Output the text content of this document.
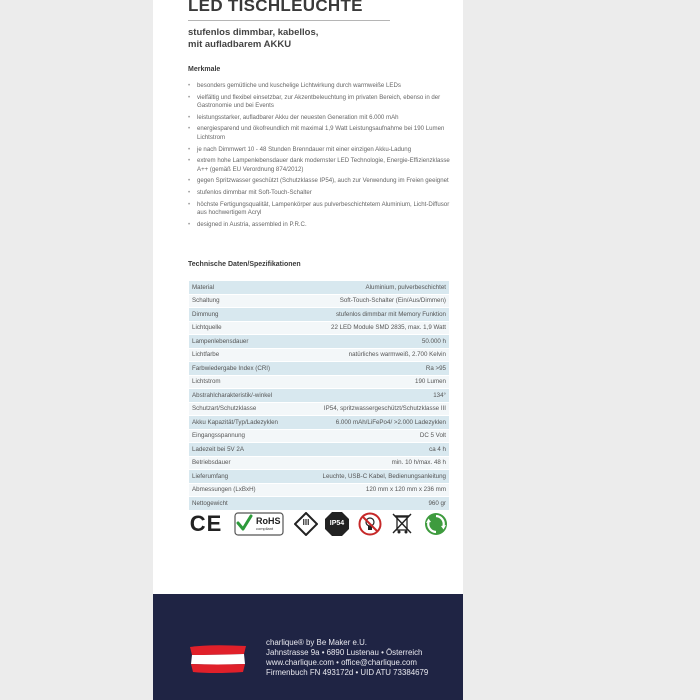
LED TISCHLEUCHTE
stufenlos dimmbar, kabellos,
mit aufladbarem AKKU
Merkmale
• besonders gemütliche und kuschelige Lichtwirkung durch warmweiße LEDs
• vielfältig und flexibel einsetzbar, zur Akzentbeleuchtung im privaten Bereich, ebenso in der Gastronomie und bei Events
• leistungsstarker, aufladbarer Akku der neuesten Generation mit 6.000 mAh
• energiesparend und ökofreundlich mit maximal 1,9 Watt Leistungsaufnahme bei 190 Lumen Lichtstrom
• je nach Dimmwert 10 - 48 Stunden Brenndauer mit einer einzigen Akku-Ladung
• extrem hohe Lampenlebensdauer dank modernster LED Technologie, Energie-Effizienzklasse A++ (gemäß EU Verordnung 874/2012)
• gegen Spritzwasser geschützt (Schutzklasse IP54), auch zur Verwendung im Freien geeignet
• stufenlos dimmbar mit Soft-Touch-Schalter
• höchste Fertigungsqualität, Lampenkörper aus pulverbeschichtetem Aluminium, Licht-Diffusor aus hochwertigem Acryl
• designed in Austria, assembled in P.R.C.
Technische Daten/Spezifikationen
Material	Aluminium, pulverbeschichtet
Schaltung	Soft-Touch-Schalter (Ein/Aus/Dimmen)
Dimmung	stufenlos dimmbar mit Memory Funktion
Lichtquelle	22 LED Module SMD 2835, max. 1,9 Watt
Lampenlebensdauer	50.000 h
Lichtfarbe	natürliches warmweiß, 2.700 Kelvin
Farbwiedergabe Index (CRI)	Ra >95
Lichtstrom	190 Lumen
Abstrahlcharakteristik/-winkel	134°
Schutzart/Schutzklasse	IP54, spritzwassergeschützt/Schutzklasse III
Akku Kapazität/Typ/Ladezyklen	6.000 mAh/LiFePo4/ >2.000 Ladezyklen
Eingangsspannung	DC 5 Volt
Ladezeit bei 5V 2A	ca 4 h
Betriebsdauer	min. 10 h/max. 48 h
Lieferumfang	Leuchte, USB-C Kabel, Bedienungsanleitung
Abmessungen (LxBxH)	120 mm x 120 mm x 236 mm
Nettogewicht	960 gr
CE	RoHS
compliant
III	IP54
charlique® by Be Maker e.U.
Jahnstrasse 9a • 6890 Lustenau • Österreich
www.charlique.com • office@charlique.com
Firmenbuch FN 493172d • UID ATU 73384679
